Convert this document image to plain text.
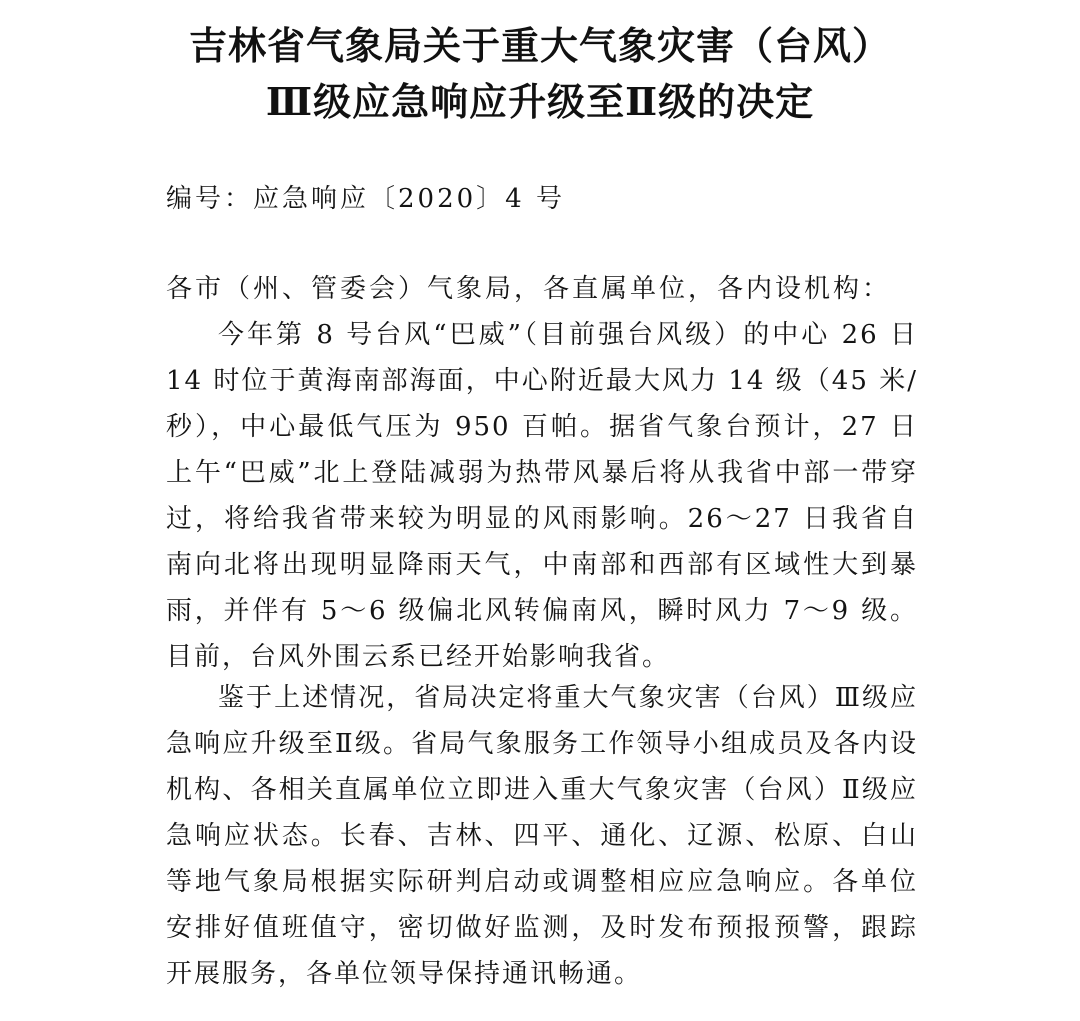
吉林省气象局关于重大气象灾害（台风）
Ⅲ级应急响应升级至Ⅱ级的决定
编号：应急响应〔2020〕4 号
各市（州、管委会）气象局，各直属单位，各内设机构：

今年第 8 号台风“巴威”（目前强台风级）的中心 26 日 14 时位于黄海南部海面，中心附近最大风力 14 级（45 米/秒），中心最低气压为 950 百帕。据省气象台预计，27 日上午“巴威”北上登陆减弱为热带风暴后将从我省中部一带穿过，将给我省带来较为明显的风雨影响。26～27 日我省自南向北将出现明显降雨天气，中南部和西部有区域性大到暴雨，并伴有 5～6 级偏北风转偏南风，瞬时风力 7～9 级。目前，台风外围云系已经开始影响我省。

鉴于上述情况，省局决定将重大气象灾害（台风）Ⅲ级应急响应升级至Ⅱ级。省局气象服务工作领导小组成员及各内设机构、各相关直属单位立即进入重大气象灾害（台风）Ⅱ级应急响应状态。长春、吉林、四平、通化、辽源、松原、白山等地气象局根据实际研判启动或调整相应应急响应。各单位安排好值班值守，密切做好监测，及时发布预报预警，跟踪开展服务，各单位领导保持通讯畅通。
